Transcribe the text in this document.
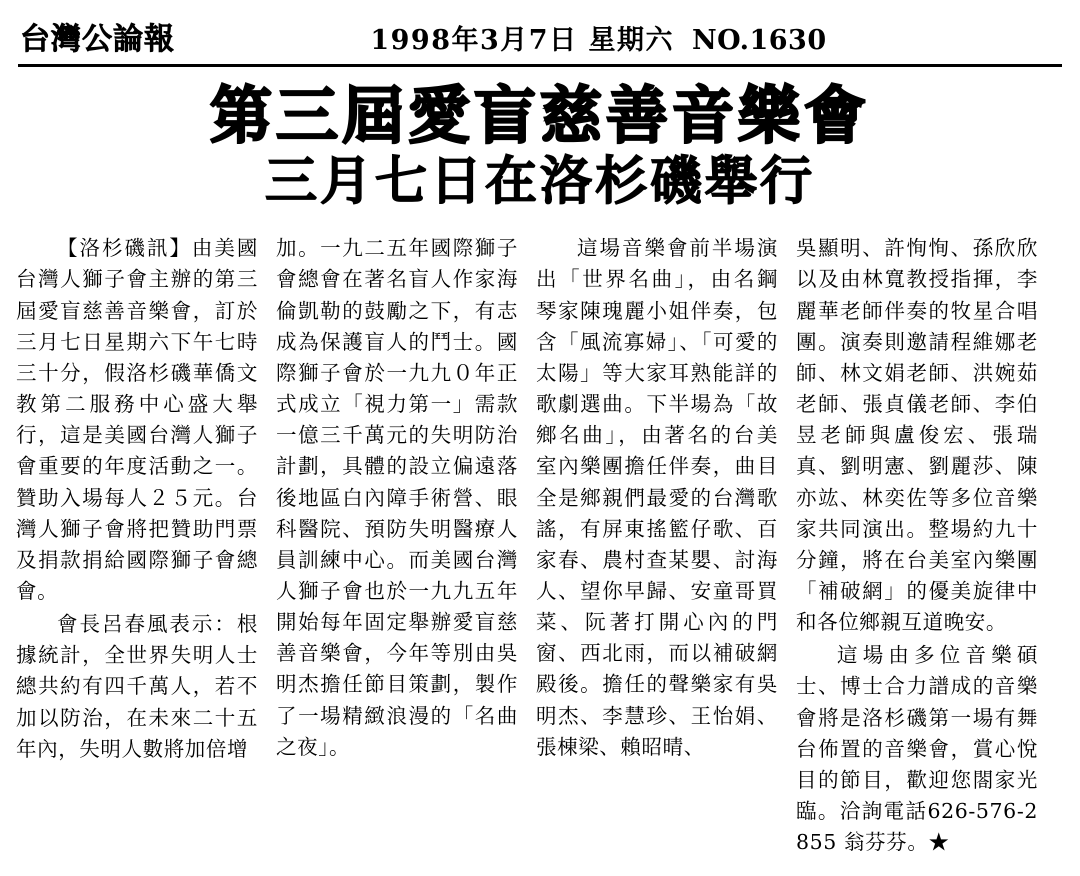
台灣公論報	1998年3月7日 星期六 NO.1630
第三屆愛盲慈善音樂會
三月七日在洛杉磯舉行

【洛杉磯訊】由美國台灣人獅子會主辦的第三屆愛盲慈善音樂會，訂於三月七日星期六下午七時三十分，假洛杉磯華僑文教第二服務中心盛大舉行，這是美國台灣人獅子會重要的年度活動之一。贊助入場每人２５元。台灣人獅子會將把贊助門票及捐款捐給國際獅子會總會。

會長呂春風表示：根據統計，全世界失明人士總共約有四千萬人，若不加以防治，在未來二十五年內，失明人數將加倍增

加。一九二五年國際獅子會總會在著名盲人作家海倫凱勒的鼓勵之下，有志成為保護盲人的鬥士。國際獅子會於一九九０年正式成立「視力第一」需款一億三千萬元的失明防治計劃，具體的設立偏遠落後地區白內障手術營、眼科醫院、預防失明醫療人員訓練中心。而美國台灣人獅子會也於一九九五年開始每年固定舉辦愛盲慈善音樂會，今年等別由吳明杰擔任節目策劃，製作了一場精緻浪漫的「名曲之夜」。

這場音樂會前半場演出「世界名曲」，由名鋼琴家陳瑰麗小姐伴奏，包含「風流寡婦」、「可愛的太陽」等大家耳熟能詳的歌劇選曲。下半場為「故鄉名曲」，由著名的台美室內樂團擔任伴奏，曲目全是鄉親們最愛的台灣歌謠，有屏東搖籃仔歌、百家春、農村查某嬰、討海人、望你早歸、安童哥買菜、阮著打開心內的門窗、西北雨，而以補破網殿後。擔任的聲樂家有吳明杰、李慧珍、王怡娟、張棟梁、賴昭晴、

吳顯明、許恂恂、孫欣欣以及由林寬教授指揮，李麗華老師伴奏的牧星合唱團。演奏則邀請程維娜老師、林文娟老師、洪婉茹老師、張貞儀老師、李伯昱老師與盧俊宏、張瑞真、劉明憲、劉麗莎、陳亦竑、林奕佐等多位音樂家共同演出。整場約九十分鐘，將在台美室內樂團「補破網」的優美旋律中和各位鄉親互道晚安。

這場由多位音樂碩士、博士合力譜成的音樂會將是洛杉磯第一場有舞台佈置的音樂會，賞心悅目的節目，歡迎您閤家光臨。洽詢電話626-576-2855 翁芬芬。★
